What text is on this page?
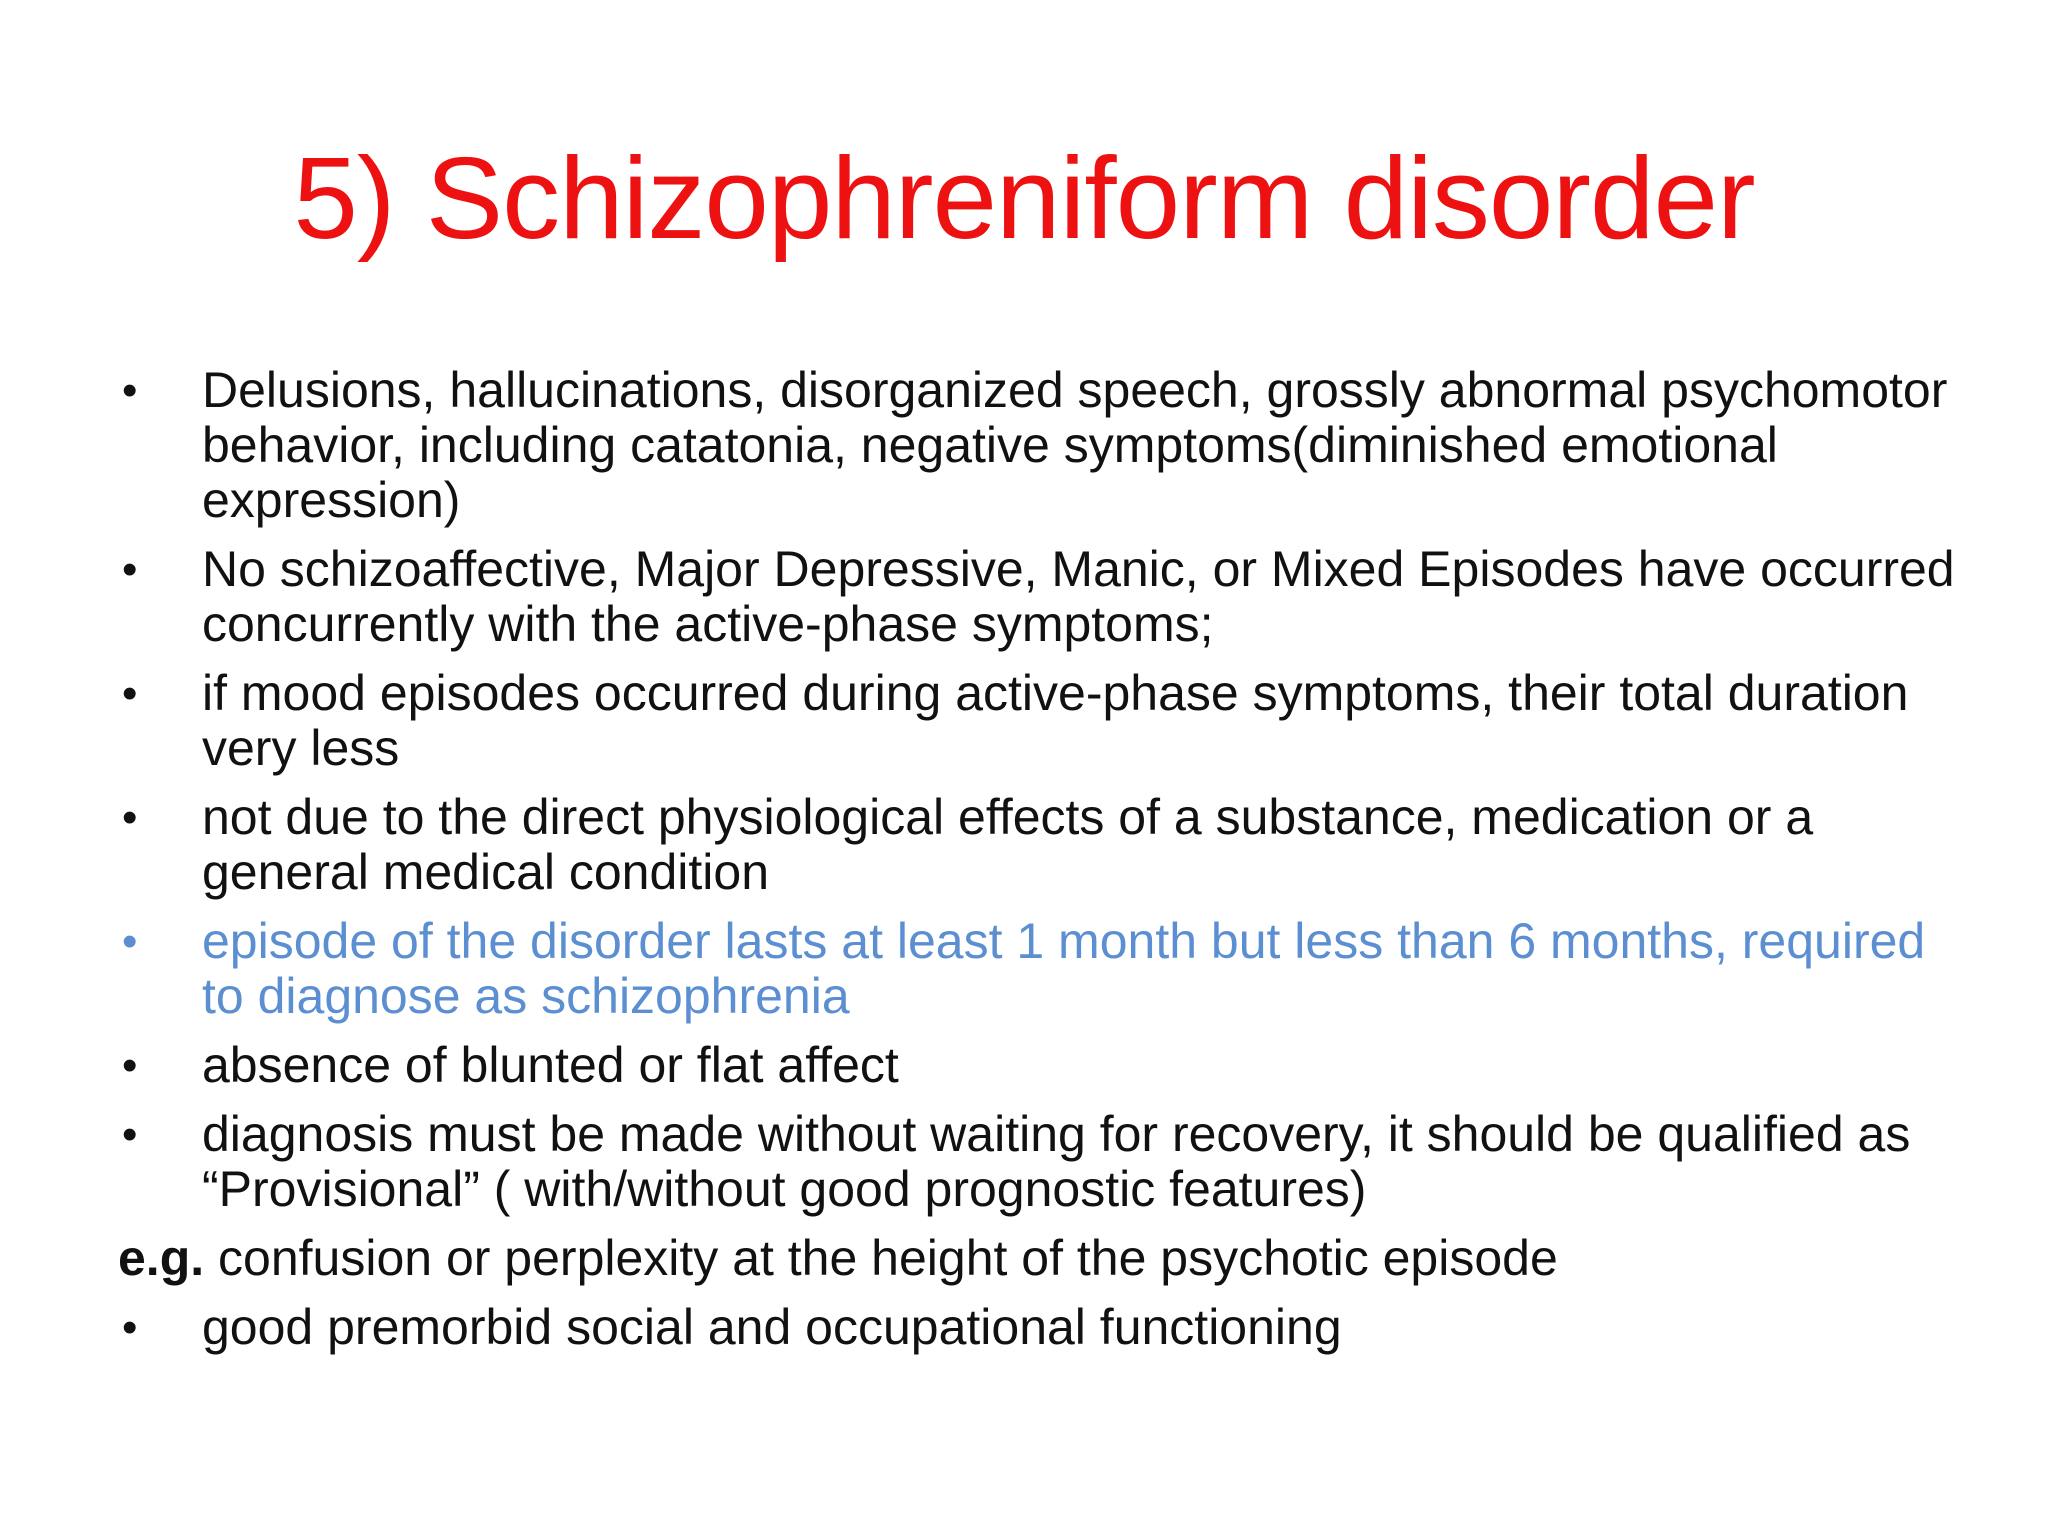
5) Schizophreniform disorder
•	Delusions, hallucinations, disorganized speech, grossly abnormal psychomotor behavior, including catatonia, negative symptoms(diminished emotional expression)
•	No schizoaffective, Major Depressive, Manic, or Mixed Episodes have occurred concurrently with the active-phase symptoms;
•	if mood episodes occurred during active-phase symptoms, their total duration very less
•	not due to the direct physiological effects of a substance, medication or a general medical condition
•	episode of the disorder lasts at least 1 month but less than 6 months, required to diagnose as schizophrenia
•	absence of blunted or flat affect
•	diagnosis must be made without waiting for recovery, it should be qualified as “Provisional” ( with/without good prognostic features)
e.g. confusion or perplexity at the height of the psychotic episode
•	good premorbid social and occupational functioning
